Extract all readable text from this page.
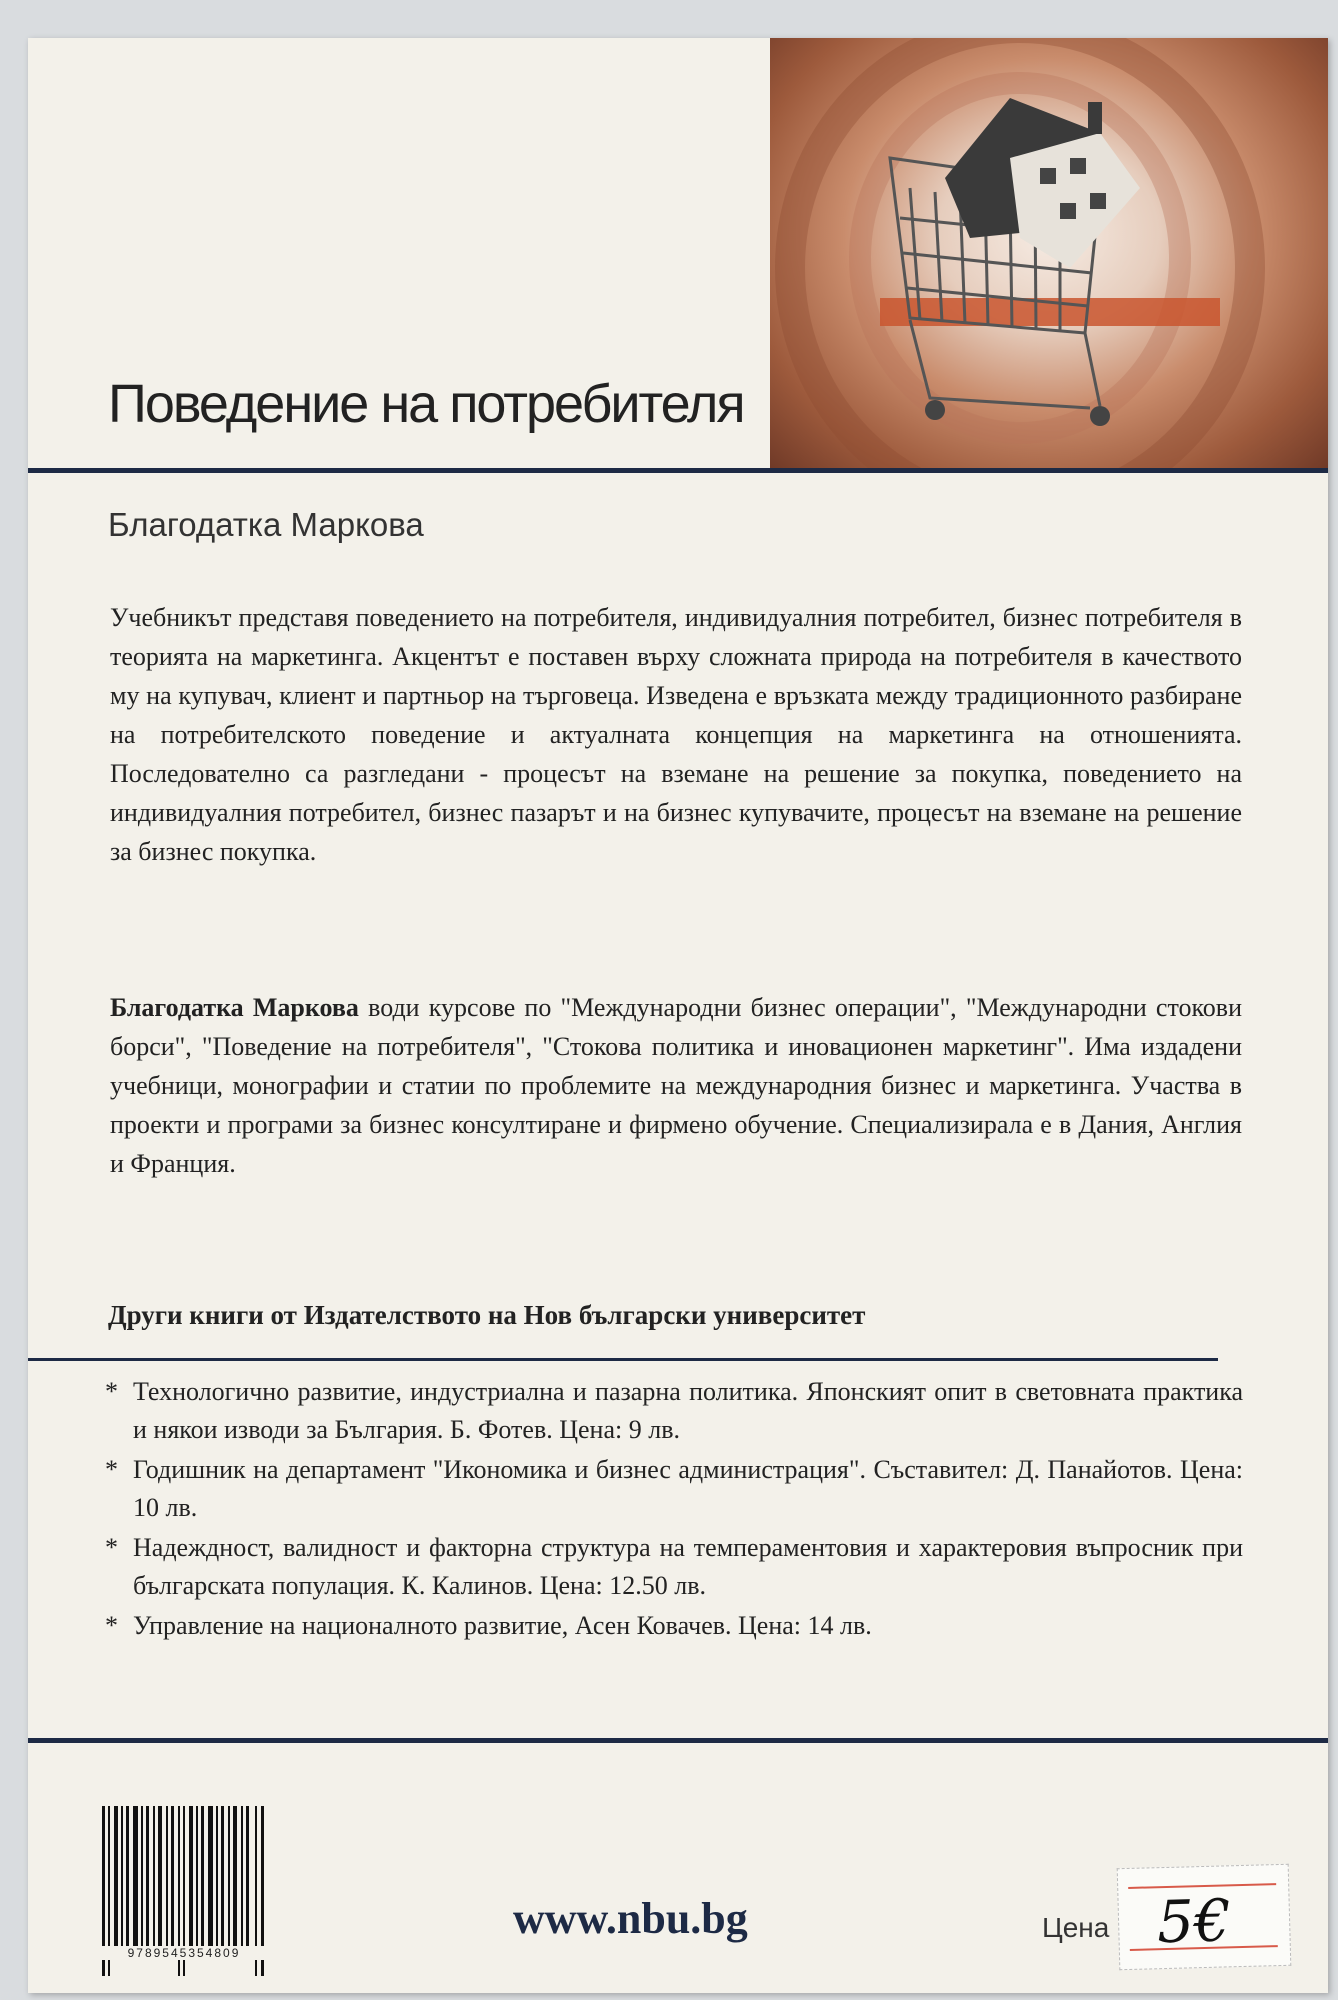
Поведение на потребителя
Благодатка Маркова
Учебникът представя поведението на потребителя, индивидуалния потребител, бизнес потребителя в теорията на маркетинга. Акцентът е поставен върху сложната природа на потребителя в качеството му на купувач, клиент и партньор на търговеца. Изведена е връзката между традиционното разбиране на потребителското поведение и актуалната концепция на маркетинга на отношенията. Последователно са разгледани - процесът на вземане на решение за покупка, поведението на индивидуалния потребител, бизнес пазарът и на бизнес купувачите, процесът на вземане на решение за бизнес покупка.
Благодатка Маркова води курсове по "Международни бизнес операции", "Международни стокови борси", "Поведение на потребителя", "Стокова политика и иновационен маркетинг". Има издадени учебници, монографии и статии по проблемите на международния бизнес и маркетинга. Участва в проекти и програми за бизнес консултиране и фирмено обучение. Специализирала е в Дания, Англия и Франция.
Други книги от Издателството на Нов български университет
* Технологично развитие, индустриална и пазарна политика. Японският опит в световната практика и някои изводи за България. Б. Фотев. Цена: 9 лв.
* Годишник на департамент "Икономика и бизнес администрация". Съставител: Д. Панайотов. Цена: 10 лв.
* Надеждност, валидност и факторна структура на темпераментовия и характеровия въпросник при българската популация. К. Калинов. Цена: 12.50 лв.
* Управление на националното развитие, Асен Ковачев. Цена: 14 лв.
9789545354809
www.nbu.bg	Цена 5€
